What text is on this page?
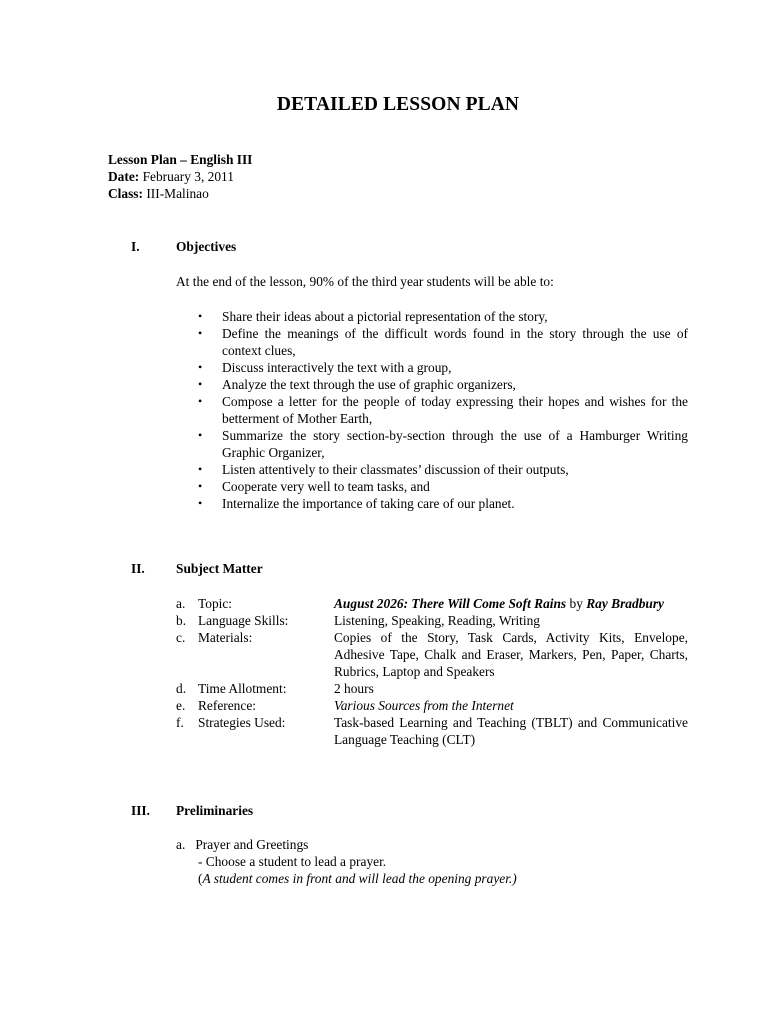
DETAILED LESSON PLAN
Lesson Plan – English III
Date: February 3, 2011
Class: III-Malinao
I.	Objectives
At the end of the lesson, 90% of the third year students will be able to:
• Share their ideas about a pictorial representation of the story,
• Define the meanings of the difficult words found in the story through the use of context clues,
• Discuss interactively the text with a group,
• Analyze the text through the use of graphic organizers,
• Compose a letter for the people of today expressing their hopes and wishes for the betterment of Mother Earth,
• Summarize the story section-by-section through the use of a Hamburger Writing Graphic Organizer,
• Listen attentively to their classmates’ discussion of their outputs,
• Cooperate very well to team tasks, and
• Internalize the importance of taking care of our planet.
II. Subject Matter
a. Topic:	August 2026: There Will Come Soft Rains by Ray Bradbury
b. Language Skills:	Listening, Speaking, Reading, Writing
c. Materials:	Copies of the Story, Task Cards, Activity Kits, Envelope, Adhesive Tape, Chalk and Eraser, Markers, Pen, Paper, Charts, Rubrics, Laptop and Speakers
d. Time Allotment:	2 hours
e. Reference:	Various Sources from the Internet
f. Strategies Used:	Task-based Learning and Teaching (TBLT) and Communicative Language Teaching (CLT)
III. Preliminaries
a.   Prayer and Greetings
- Choose a student to lead a prayer.
(A student comes in front and will lead the opening prayer.)
